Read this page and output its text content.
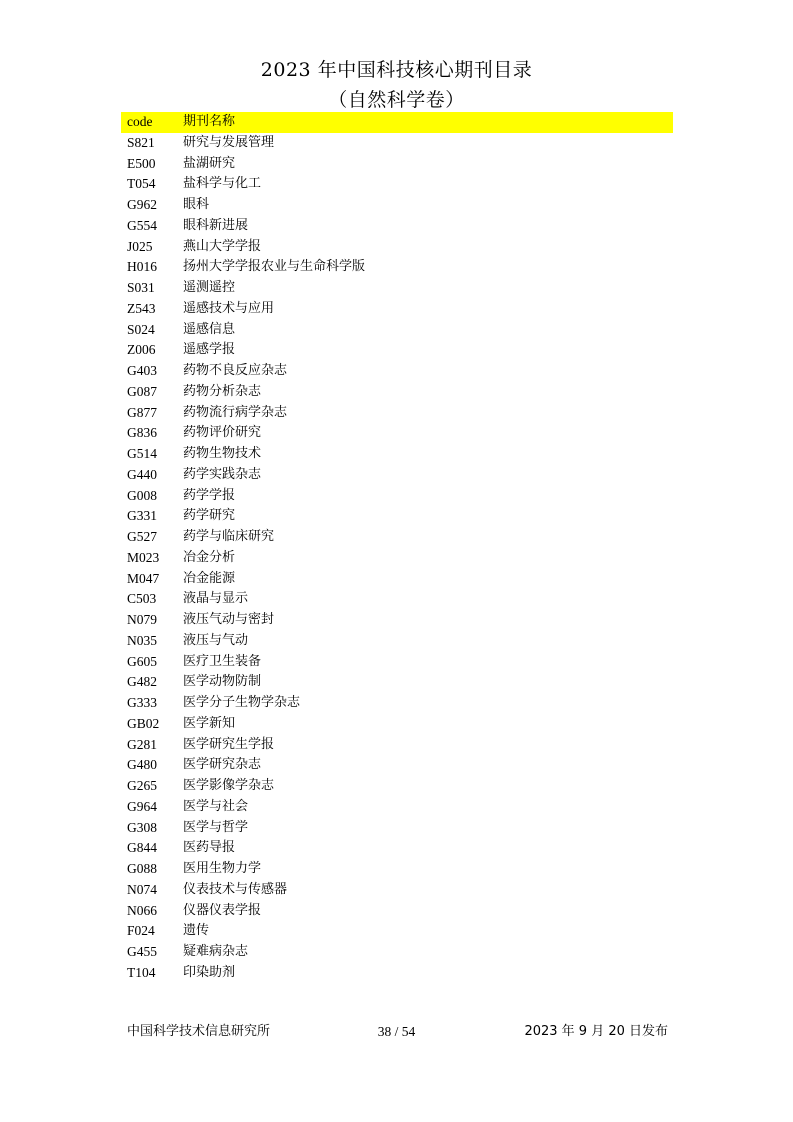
2023 年中国科技核心期刊目录
（自然科学卷）
code	期刊名称
S821	研究与发展管理
E500	盐湖研究
T054	盐科学与化工
G962	眼科
G554	眼科新进展
J025	燕山大学学报
H016	扬州大学学报农业与生命科学版
S031	遥测遥控
Z543	遥感技术与应用
S024	遥感信息
Z006	遥感学报
G403	药物不良反应杂志
G087	药物分析杂志
G877	药物流行病学杂志
G836	药物评价研究
G514	药物生物技术
G440	药学实践杂志
G008	药学学报
G331	药学研究
G527	药学与临床研究
M023	冶金分析
M047	冶金能源
C503	液晶与显示
N079	液压气动与密封
N035	液压与气动
G605	医疗卫生装备
G482	医学动物防制
G333	医学分子生物学杂志
GB02	医学新知
G281	医学研究生学报
G480	医学研究杂志
G265	医学影像学杂志
G964	医学与社会
G308	医学与哲学
G844	医药导报
G088	医用生物力学
N074	仪表技术与传感器
N066	仪器仪表学报
F024	遗传
G455	疑难病杂志
T104	印染助剂
中国科学技术信息研究所	38 / 54	2023 年 9 月 20 日发布
